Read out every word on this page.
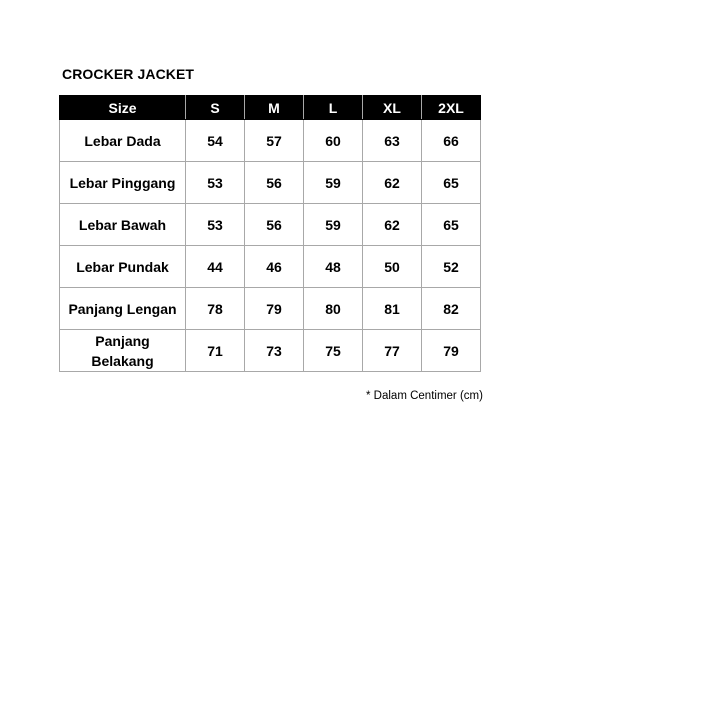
CROCKER JACKET
Size	S	M	L	XL	2XL
Lebar Dada	54	57	60	63	66
Lebar Pinggang	53	56	59	62	65
Lebar Bawah	53	56	59	62	65
Lebar Pundak	44	46	48	50	52
Panjang Lengan	78	79	80	81	82
Panjang Belakang	71	73	75	77	79
* Dalam Centimer (cm)
